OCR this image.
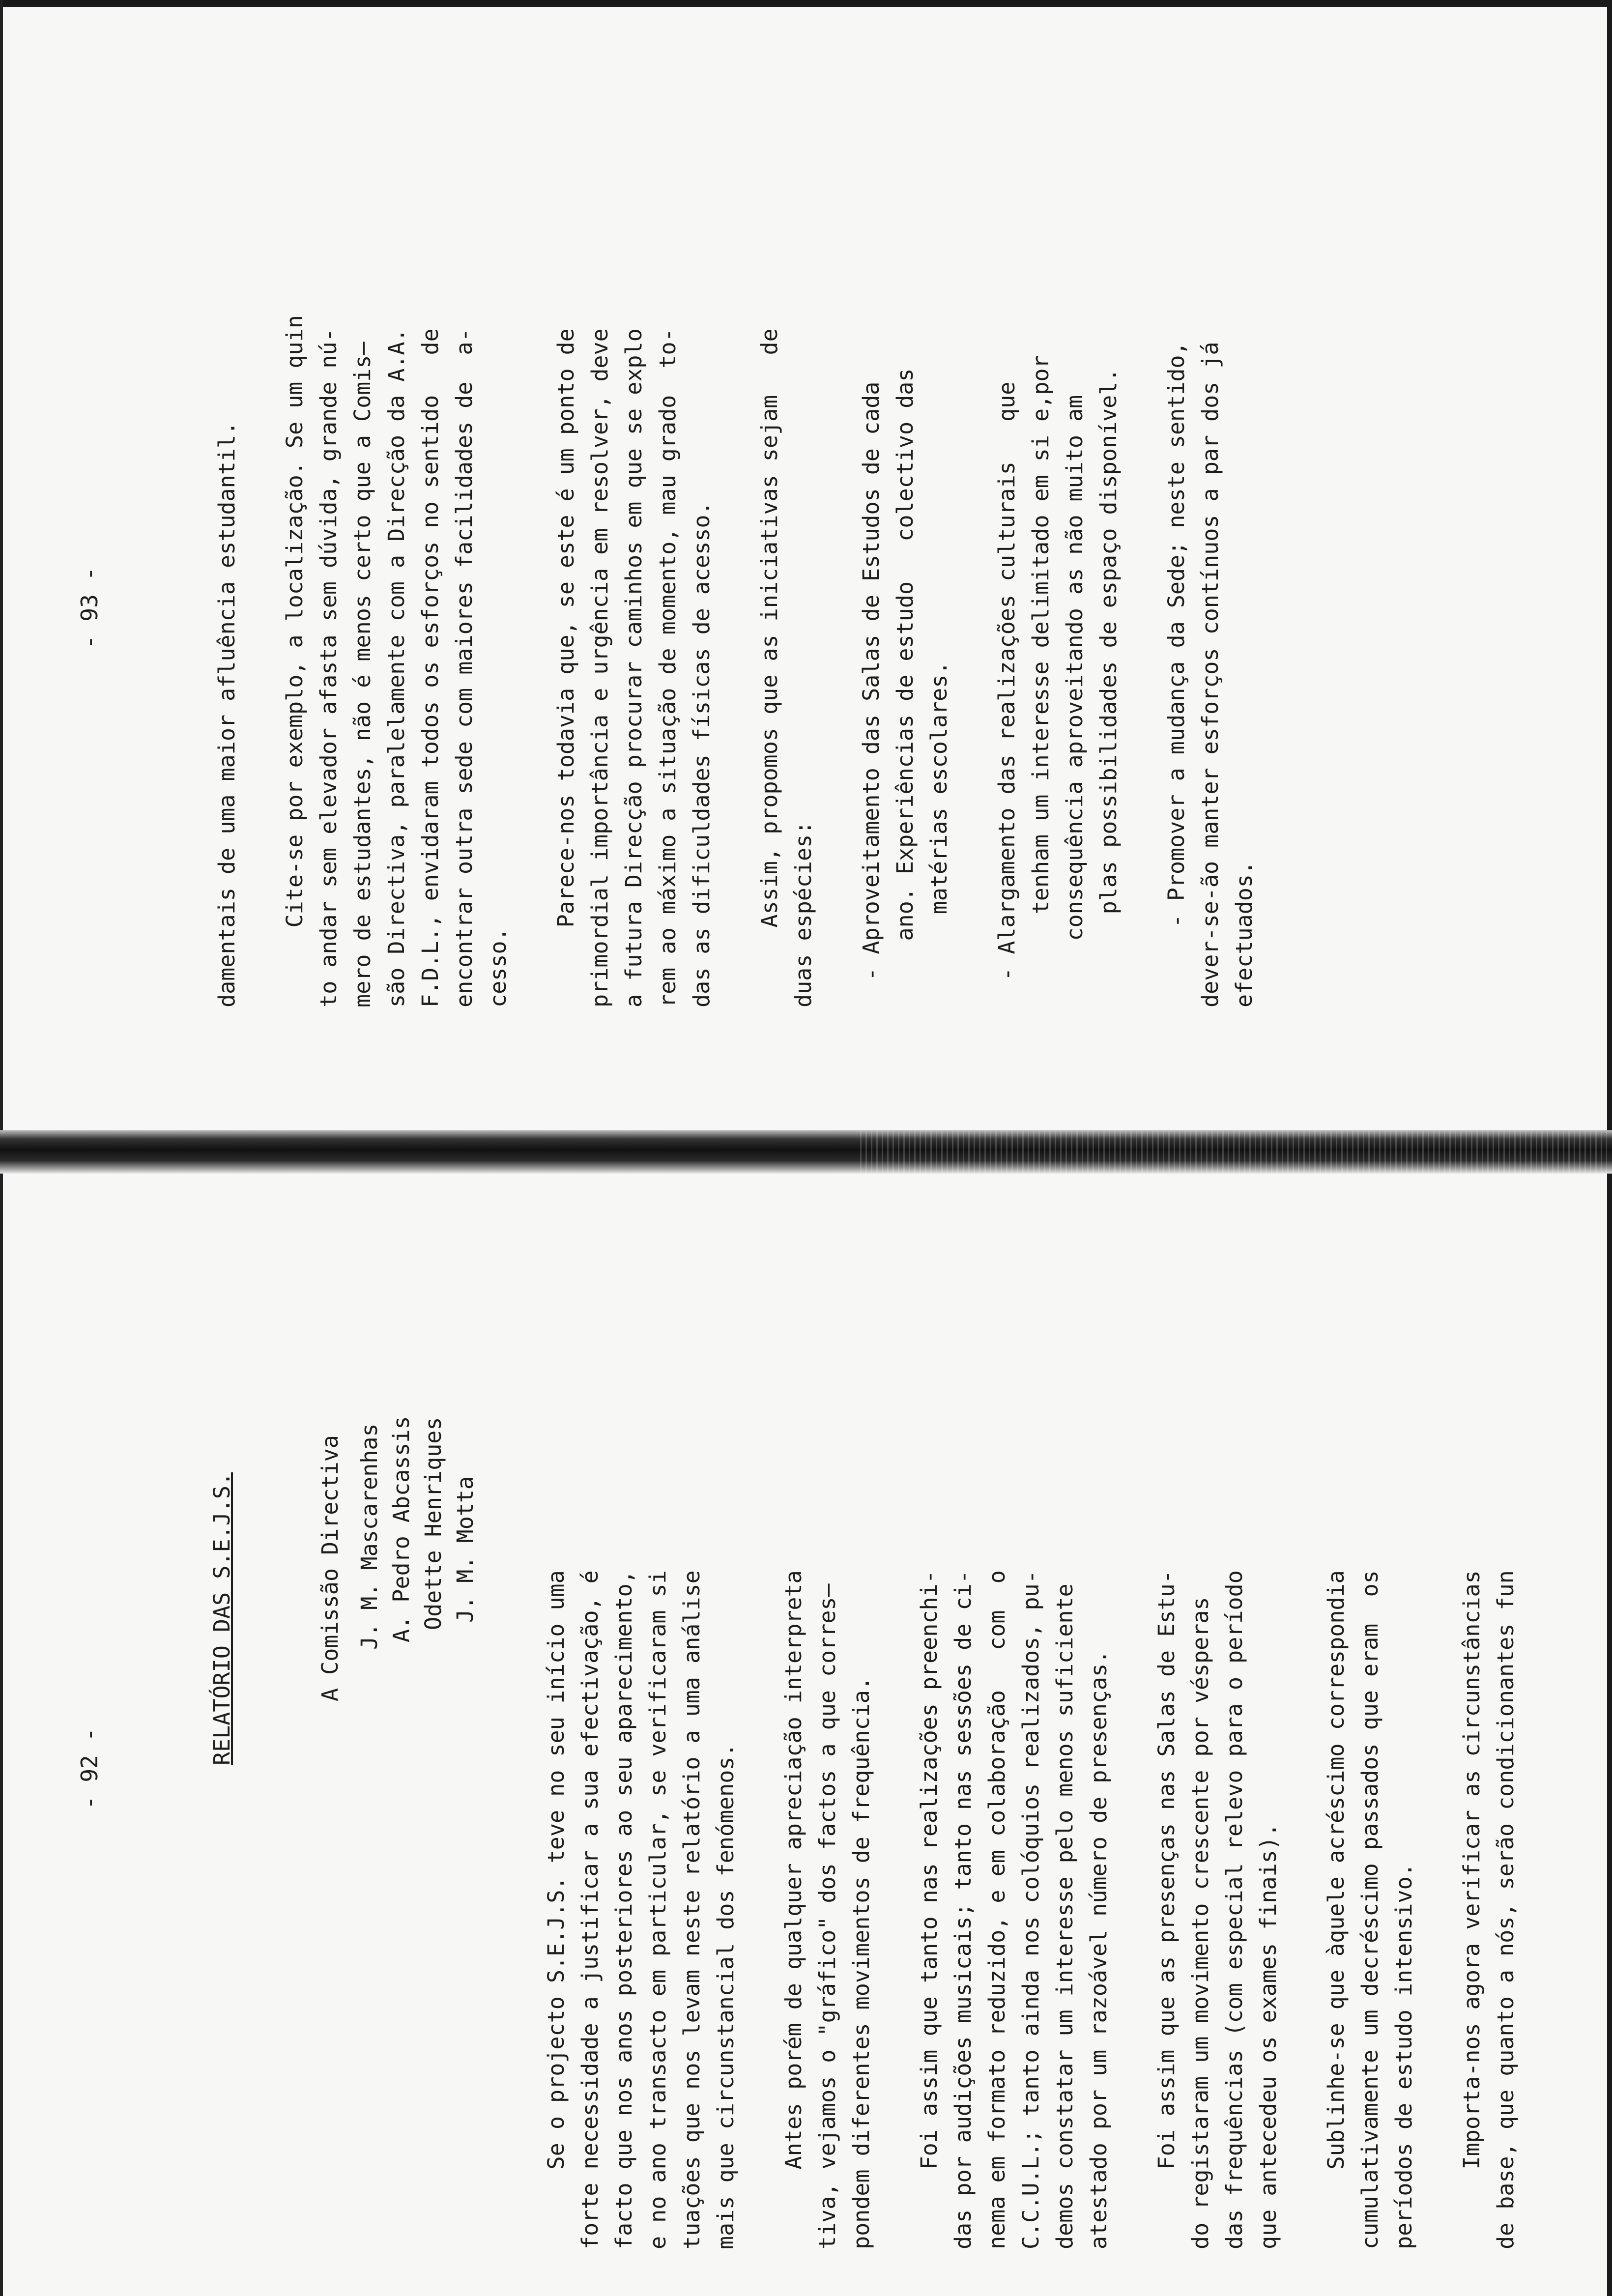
- 92 -

RELATÓRIO DAS S.E.J.S.

	A Comissão Directiva

J. M. Mascarenhas

A. Pedro Abcassis

Odette Henriques

J. M. Motta

Se o projecto S.E.J.S. teve no seu início uma forte necessidade a justificar a sua efectivação, é facto que nos anos posteriores ao seu aparecimento, e no ano transacto em particular, se verificaram si tuações que nos levam neste relatório a uma análise mais que circunstancial dos fenómenos. Antes porém de qualquer apreciação interpreta tiva, vejamos o "gráfico" dos factos a que corres— pondem diferentes movimentos de frequência. Foi assim que tanto nas realizações preenchi- das por audições musicais; tanto nas sessões de ci- nema em formato reduzido, e em colaboração   com  o C.C.U.L.; tanto ainda nos colóquios realizados, pu- demos constatar um interesse pelo menos suficiente atestado por um razoável número de presenças. Foi assim que as presenças nas Salas de Estu- do registaram um movimento crescente por vésperas das frequências (com especial relevo para o período que antecedeu os exames finais). Sublinhe-se que àquele acréscimo correspondia cumulativamente um decréscimo passados que eram  os períodos de estudo intensivo. Importa-nos agora verificar as circunstâncias de base, que quanto a nós, serão condicionantes fun

- 93 -

	damentais de uma maior afluência estudantil. Cite-se por exemplo, a localização. Se um quin to andar sem elevador afasta sem dúvida, grande nú- mero de estudantes, não é menos certo que a Comis— são Directiva, paralelamente com a Direcção da A.A. F.D.L., envidaram todos os esforços no sentido   de encontrar outra sede com maiores facilidades de  a- cesso. Parece-nos todavia que, se este é um ponto de primordial importância e urgência em resolver, deve a futura Direcção procurar caminhos em que se explo rem ao máximo a situação de momento, mau grado  to- das as dificuldades físicas de acesso. Assim, propomos que as iniciativas sejam   de duas espécies: - Aproveitamento das Salas de Estudos de cada ano. Experiências de estudo   colectivo das matérias escolares. - Alargamento das realizações culturais   que tenham um interesse delimitado em si e,por consequência aproveitando as não muito am plas possibilidades de espaço disponível. - Promover a mudança da Sede; neste sentido, dever-se-ão manter esforços contínuos a par dos já efectuados.
